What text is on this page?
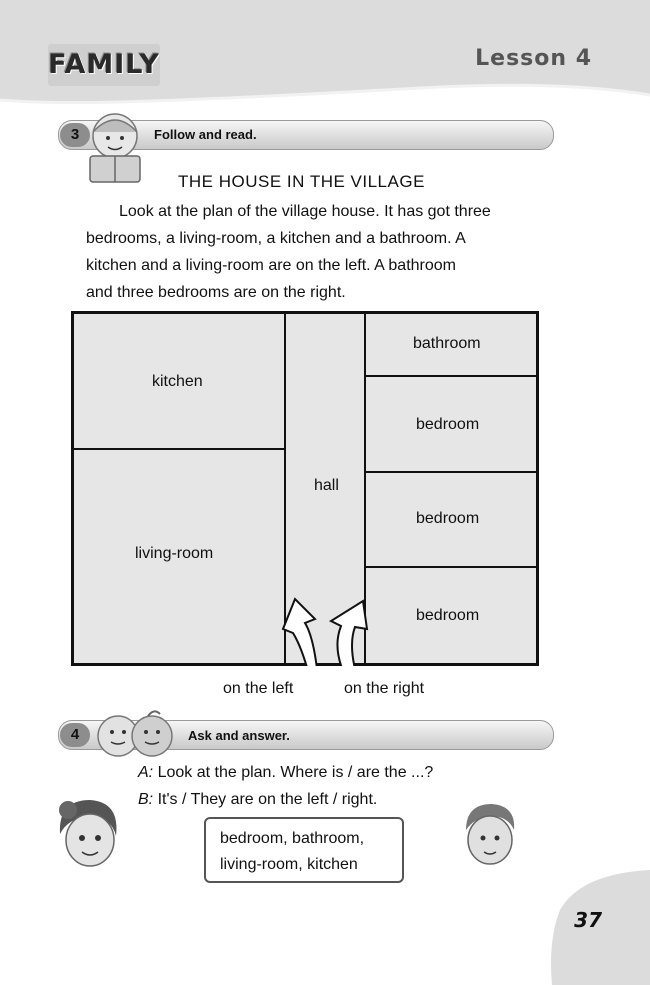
FAMILY	Lesson 4
3	Follow and read.
THE HOUSE IN THE VILLAGE

Look at the plan of the village house. It has got three

bedrooms, a living-room, a kitchen and a bathroom. A

kitchen and a living-room are on the left. A bathroom

and three bedrooms are on the right.

kitchen
living-room
hall
bathroom
bedroom
bedroom
bedroom
on the left	on the right
4	Ask and answer.
A: Look at the plan. Where is / are the ...?
B: It's / They are on the left / right.
bedroom, bathroom,
living-room, kitchen
37
